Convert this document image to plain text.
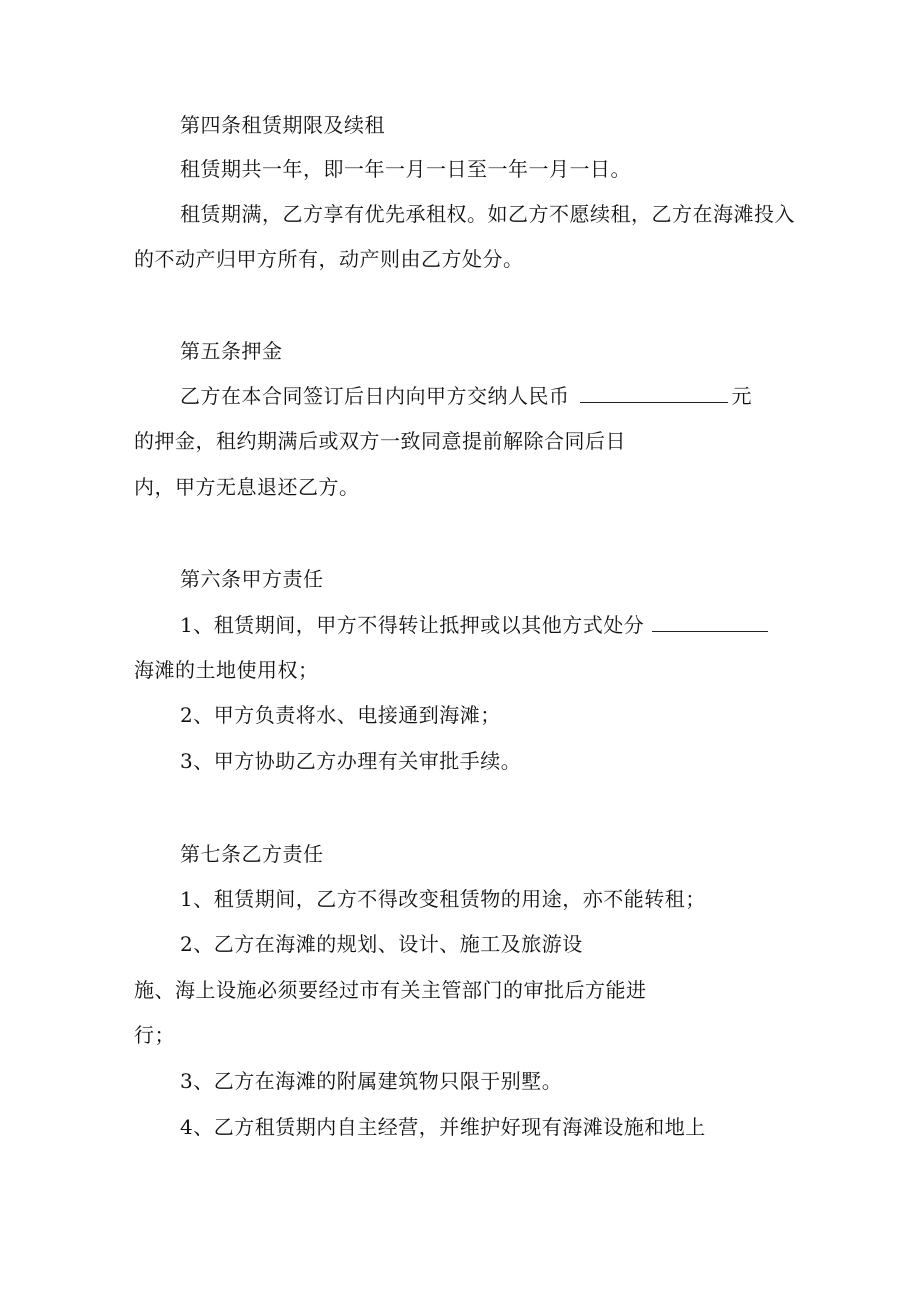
第四条租赁期限及续租
租赁期共一年，即一年一月一日至一年一月一日。
租赁期满，乙方享有优先承租权。如乙方不愿续租，乙方在海滩投入
的不动产归甲方所有，动产则由乙方处分。
第五条押金
乙方在本合同签订后日内向甲方交纳人民币	元
的押金，租约期满后或双方一致同意提前解除合同后日
内，甲方无息退还乙方。
第六条甲方责任
1、租赁期间，甲方不得转让抵押或以其他方式处分
海滩的土地使用权；
2、甲方负责将水、电接通到海滩；
3、甲方协助乙方办理有关审批手续。
第七条乙方责任
1、租赁期间，乙方不得改变租赁物的用途，亦不能转租；
2、乙方在海滩的规划、设计、施工及旅游设
施、海上设施必须要经过市有关主管部门的审批后方能进
行；
3、乙方在海滩的附属建筑物只限于别墅。
4、乙方租赁期内自主经营，并维护好现有海滩设施和地上
